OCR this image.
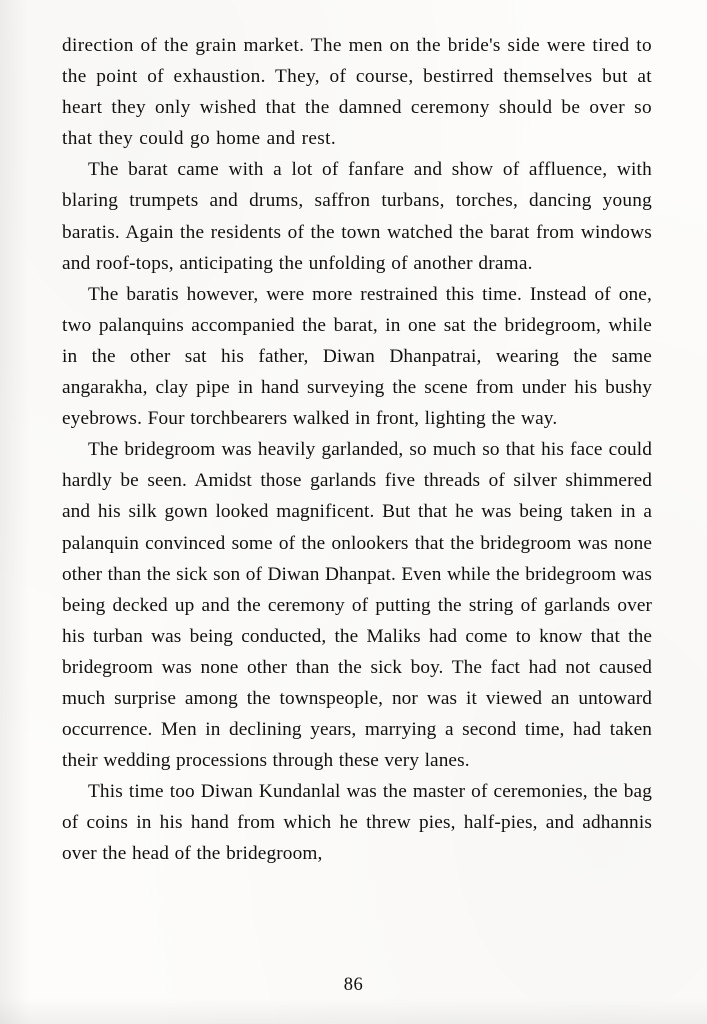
direction of the grain market. The men on the bride's side were tired to the point of exhaustion. They, of course, bestirred themselves but at heart they only wished that the damned ceremony should be over so that they could go home and rest.

The barat came with a lot of fanfare and show of affluence, with blaring trumpets and drums, saffron turbans, torches, dancing young baratis. Again the residents of the town watched the barat from windows and roof-tops, anticipating the unfolding of another drama.

The baratis however, were more restrained this time. Instead of one, two palanquins accompanied the barat, in one sat the bridegroom, while in the other sat his father, Diwan Dhanpatrai, wearing the same angarakha, clay pipe in hand surveying the scene from under his bushy eyebrows. Four torchbearers walked in front, lighting the way.

The bridegroom was heavily garlanded, so much so that his face could hardly be seen. Amidst those garlands five threads of silver shimmered and his silk gown looked magnificent. But that he was being taken in a palanquin convinced some of the onlookers that the bridegroom was none other than the sick son of Diwan Dhanpat. Even while the bridegroom was being decked up and the ceremony of putting the string of garlands over his turban was being conducted, the Maliks had come to know that the bridegroom was none other than the sick boy. The fact had not caused much surprise among the townspeople, nor was it viewed an untoward occurrence. Men in declining years, marrying a second time, had taken their wedding processions through these very lanes.

This time too Diwan Kundanlal was the master of ceremonies, the bag of coins in his hand from which he threw pies, half-pies, and adhannis over the head of the bridegroom,

86
